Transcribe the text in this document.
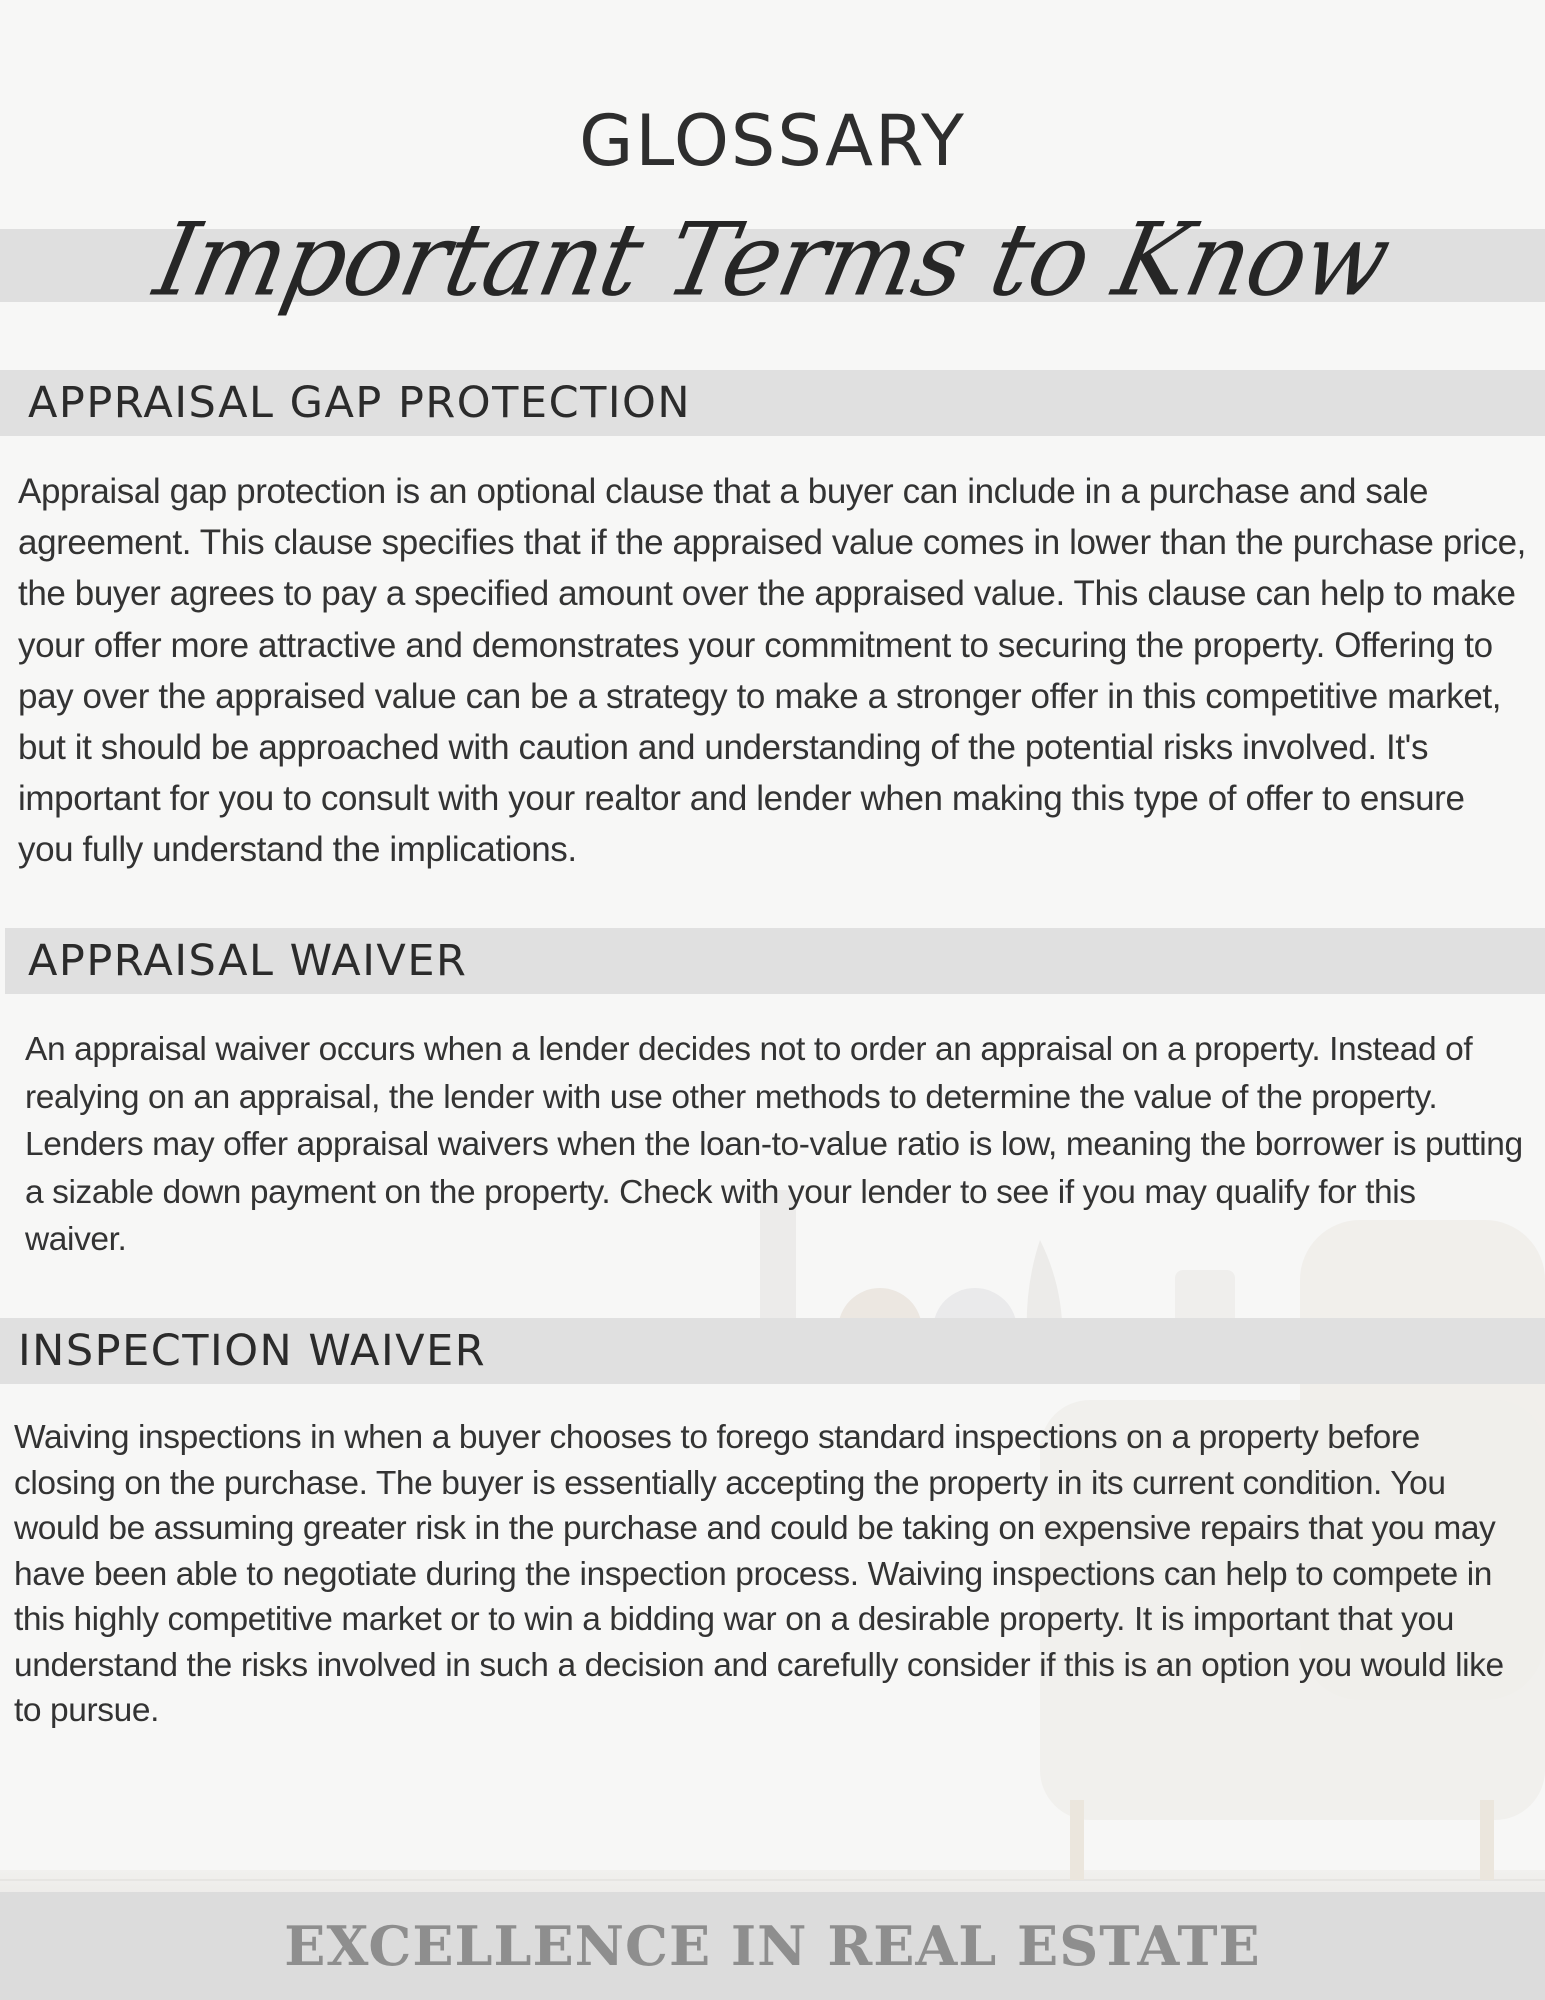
GLOSSARY
Important Terms to Know
APPRAISAL GAP PROTECTION

Appraisal gap protection is an optional clause that a buyer can include in a purchase and sale agreement. This clause specifies that if the appraised value comes in lower than the purchase price, the buyer agrees to pay a specified amount over the appraised value. This clause can help to make your offer more attractive and demonstrates your commitment to securing the property. Offering to pay over the appraised value can be a strategy to make a stronger offer in this competitive market, but it should be approached with caution and understanding of the potential risks involved. It's important for you to consult with your realtor and lender when making this type of offer to ensure you fully understand the implications.

APPRAISAL WAIVER

An appraisal waiver occurs when a lender decides not to order an appraisal on a property. Instead of realying on an appraisal, the lender with use other methods to determine the value of the property. Lenders may offer appraisal waivers when the loan-to-value ratio is low, meaning the borrower is putting a sizable down payment on the property. Check with your lender to see if you may qualify for this waiver.

INSPECTION WAIVER

Waiving inspections in when a buyer chooses to forego standard inspections on a property before closing on the purchase. The buyer is essentially accepting the property in its current condition. You would be assuming greater risk in the purchase and could be taking on expensive repairs that you may have been able to negotiate during the inspection process. Waiving inspections can help to compete in this highly competitive market or to win a bidding war on a desirable property. It is important that you understand the risks involved in such a decision and carefully consider if this is an option you would like to pursue.

EXCELLENCE IN REAL ESTATE
